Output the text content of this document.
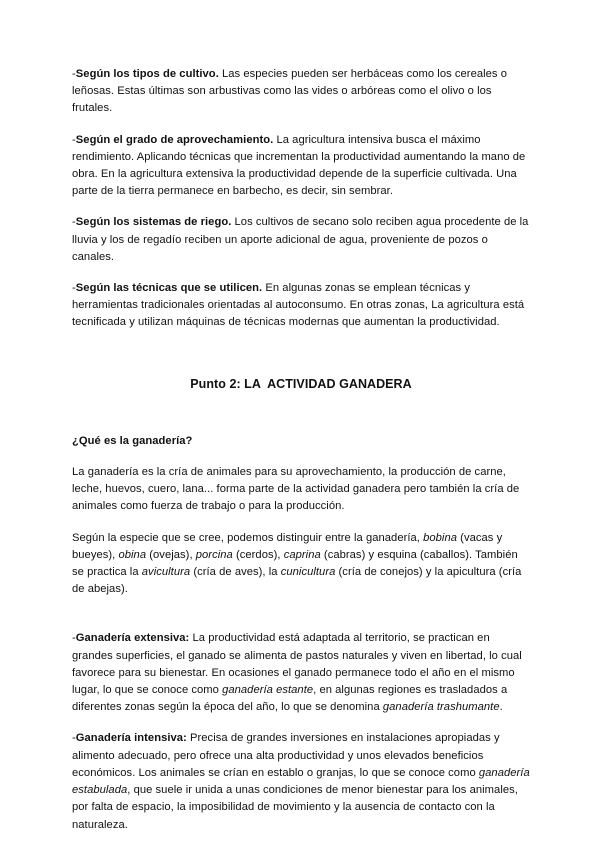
-Según los tipos de cultivo. Las especies pueden ser herbáceas como los cereales o leñosas. Estas últimas son arbustivas como las vides o arbóreas como el olivo o los frutales.

-Según el grado de aprovechamiento. La agricultura intensiva busca el máximo rendimiento. Aplicando técnicas que incrementan la productividad aumentando la mano de obra. En la agricultura extensiva la productividad depende de la superficie cultivada. Una parte de la tierra permanece en barbecho, es decir, sin sembrar.

-Según los sistemas de riego. Los cultivos de secano solo reciben agua procedente de la lluvia y los de regadío reciben un aporte adicional de agua, proveniente de pozos o canales.

-Según las técnicas que se utilicen. En algunas zonas se emplean técnicas y herramientas tradicionales orientadas al autoconsumo. En otras zonas, La agricultura está tecnificada y utilizan máquinas de técnicas modernas que aumentan la productividad.

Punto 2: LA  ACTIVIDAD GANADERA

¿Qué es la ganadería?

La ganadería es la cría de animales para su aprovechamiento, la producción de carne, leche, huevos, cuero, lana... forma parte de la actividad ganadera pero también la cría de animales como fuerza de trabajo o para la producción.

Según la especie que se cree, podemos distinguir entre la ganadería, bobina (vacas y bueyes), obina (ovejas), porcina (cerdos), caprina (cabras) y esquina (caballos). También se practica la avicultura (cría de aves), la cunicultura (cría de conejos) y la apicultura (cría de abejas).

-Ganadería extensiva: La productividad está adaptada al territorio, se practican en grandes superficies, el ganado se alimenta de pastos naturales y viven en libertad, lo cual favorece para su bienestar. En ocasiones el ganado permanece todo el año en el mismo lugar, lo que se conoce como ganadería estante, en algunas regiones es trasladados a diferentes zonas según la época del año, lo que se denomina ganadería trashumante.

-Ganadería intensiva: Precisa de grandes inversiones en instalaciones apropiadas y alimento adecuado, pero ofrece una alta productividad y unos elevados beneficios económicos. Los animales se crían en establo o granjas, lo que se conoce como ganadería estabulada, que suele ir unida a unas condiciones de menor bienestar para los animales, por falta de espacio, la imposibilidad de movimiento y la ausencia de contacto con la naturaleza.
